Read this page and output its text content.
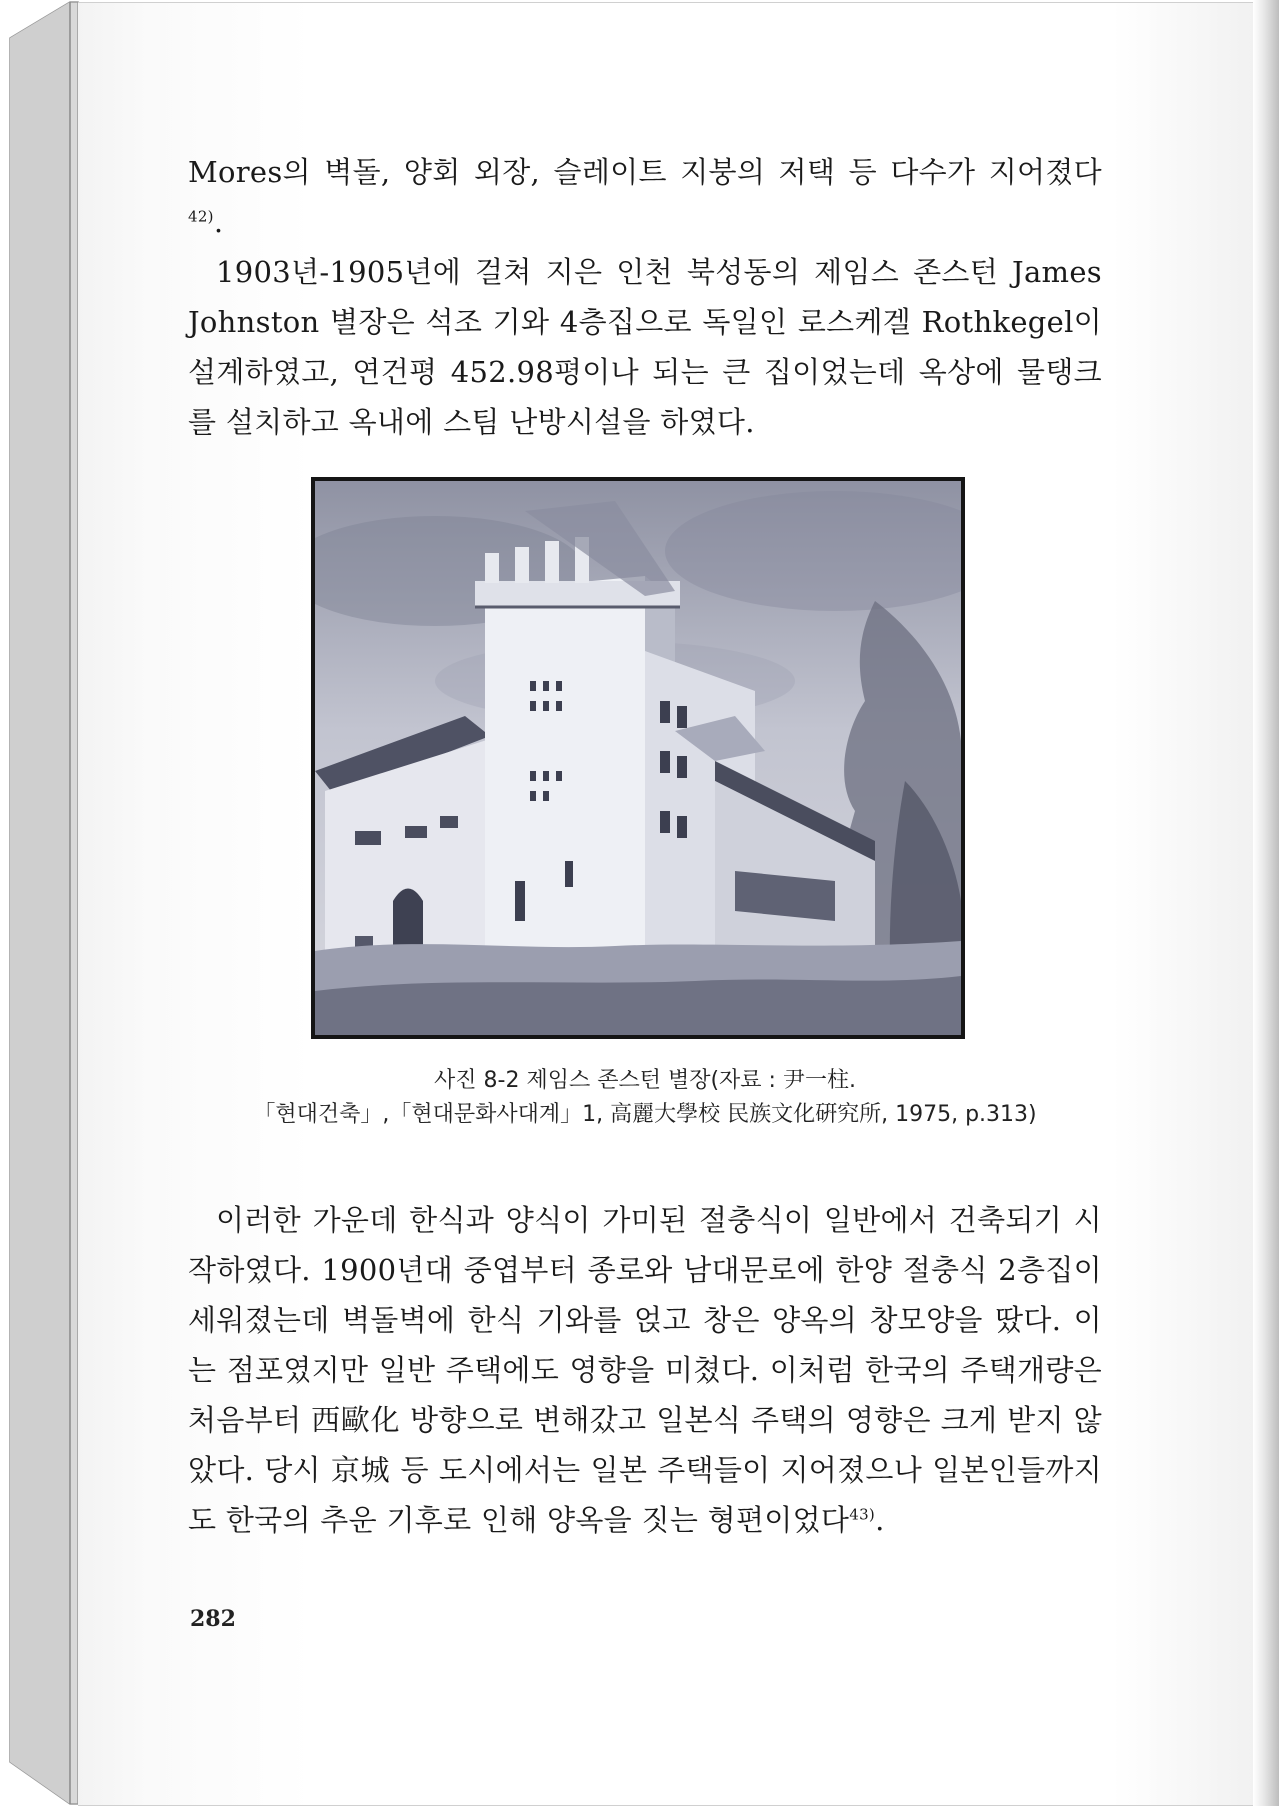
Mores의 벽돌, 양회 외장, 슬레이트 지붕의 저택 등 다수가 지어졌다$^{42)}$.

1903년-1905년에 걸쳐 지은 인천 북성동의 제임스 존스턴 James Johnston 별장은 석조 기와 4층집으로 독일인 로스케겔 Rothkegel이 설계하였고, 연건평 452.98평이나 되는 큰 집이었는데 옥상에 물탱크를 설치하고 옥내에 스팀 난방시설을 하였다.

사진 8-2 제임스 존스턴 별장(자료 : 尹一柱.
「현대건축」,「현대문화사대계」1, 高麗大學校 民族文化硏究所, 1975, p.313)

이러한 가운데 한식과 양식이 가미된 절충식이 일반에서 건축되기 시작하였다. 1900년대 중엽부터 종로와 남대문로에 한양 절충식 2층집이 세워졌는데 벽돌벽에 한식 기와를 얹고 창은 양옥의 창모양을 땄다. 이는 점포였지만 일반 주택에도 영향을 미쳤다. 이처럼 한국의 주택개량은 처음부터 西歐化 방향으로 변해갔고 일본식 주택의 영향은 크게 받지 않았다. 당시 京城 등 도시에서는 일본 주택들이 지어졌으나 일본인들까지도 한국의 추운 기후로 인해 양옥을 짓는 형편이었다$^{43)}$.

282
